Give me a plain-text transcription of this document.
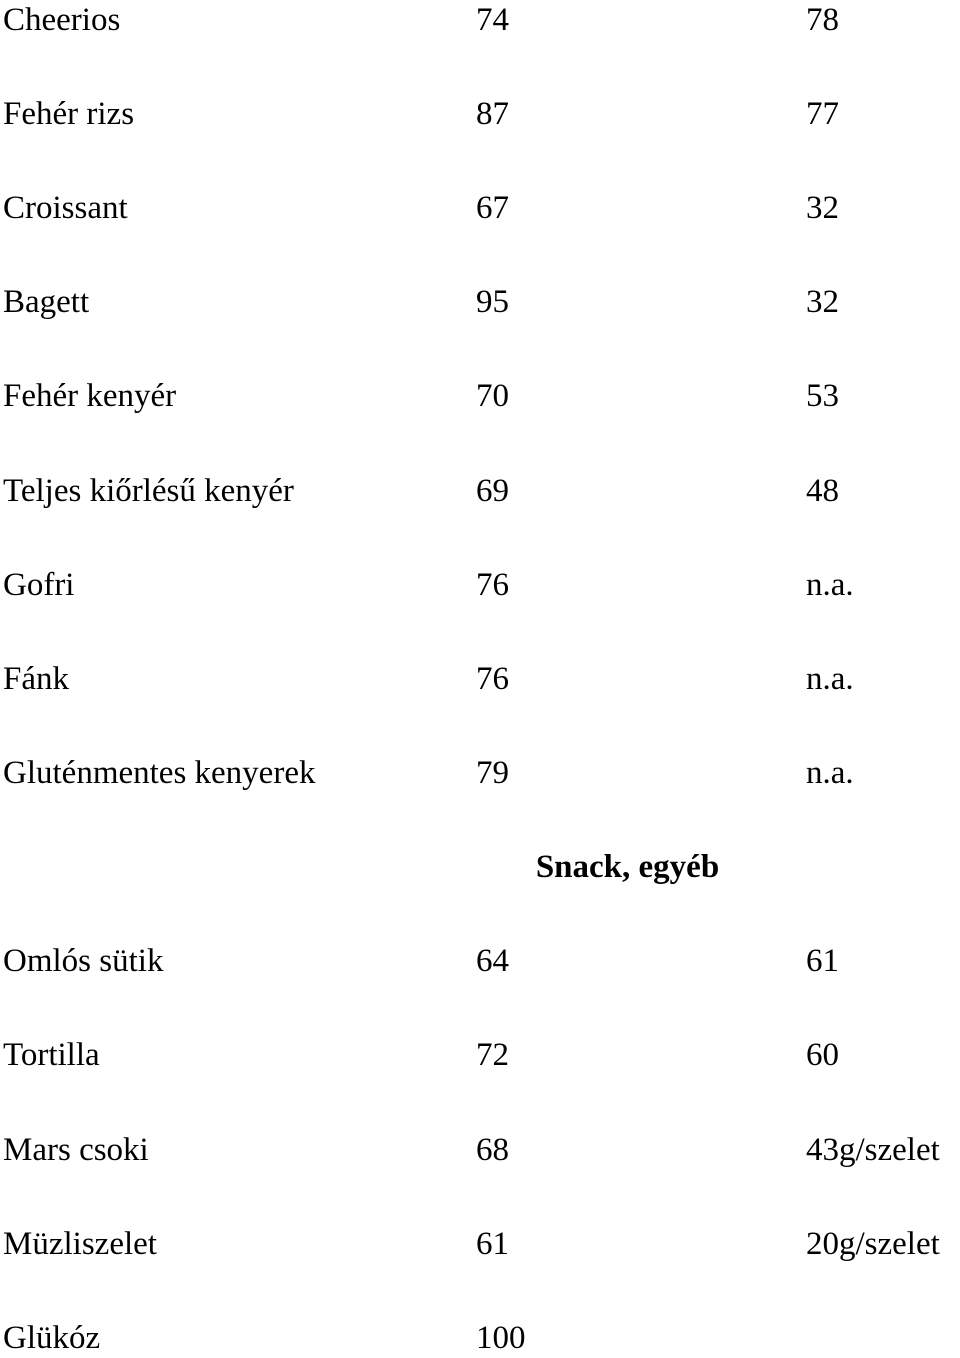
Cheerios	74	78
Fehér rizs	87	77
Croissant	67	32
Bagett	95	32
Fehér kenyér	70	53
Teljes kiőrlésű kenyér	69	48
Gofri	76	n.a.
Fánk	76	n.a.
Gluténmentes kenyerek	79	n.a.
Snack, egyéb
Omlós sütik	64	61
Tortilla	72	60
Mars csoki	68	43g/szelet
Müzliszelet	61	20g/szelet
Glükóz	100
